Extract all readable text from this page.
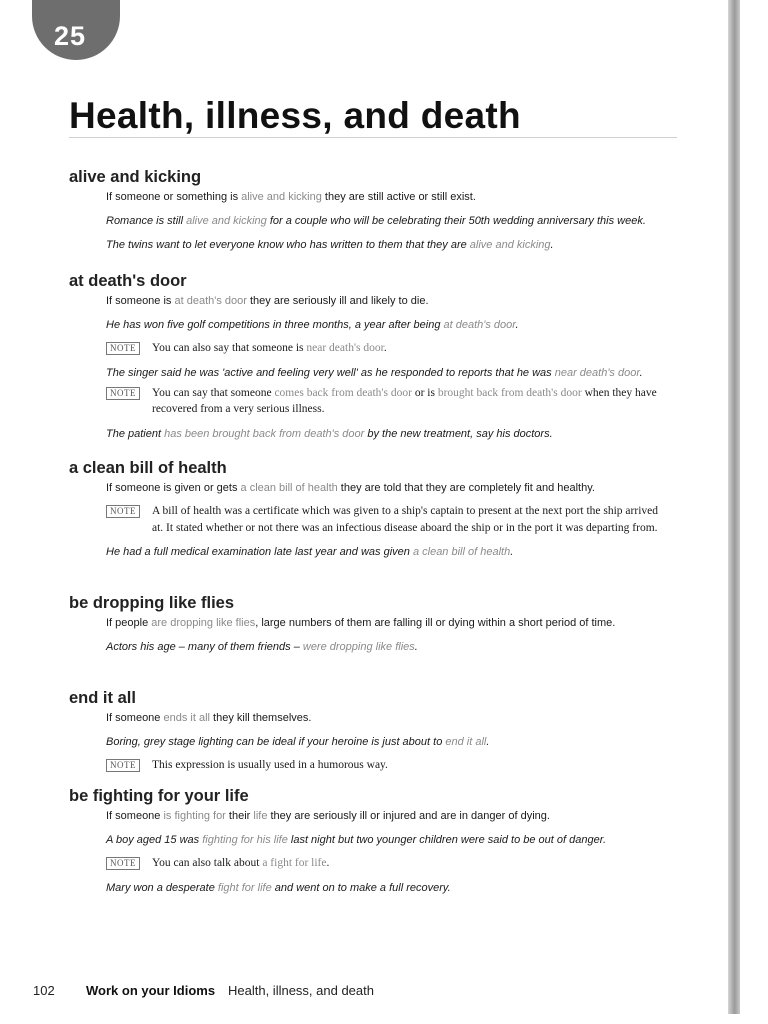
25
Health, illness, and death
alive and kicking

If someone or something is alive and kicking they are still active or still exist.

Romance is still alive and kicking for a couple who will be celebrating their 50th wedding anniversary this week.

The twins want to let everyone know who has written to them that they are alive and kicking.

at death's door

If someone is at death's door they are seriously ill and likely to die.

He has won five golf competitions in three months, a year after being at death's door.

NOTE	You can also say that someone is near death's door.

The singer said he was 'active and feeling very well' as he responded to reports that he was near death's door.

NOTE	You can say that someone comes back from death's door or is brought back from death's door when they have recovered from a very serious illness.

The patient has been brought back from death's door by the new treatment, say his doctors.

a clean bill of health

If someone is given or gets a clean bill of health they are told that they are completely fit and healthy.

NOTE	A bill of health was a certificate which was given to a ship's captain to present at the next port the ship arrived at. It stated whether or not there was an infectious disease aboard the ship or in the port it was departing from.

He had a full medical examination late last year and was given a clean bill of health.

be dropping like flies

If people are dropping like flies, large numbers of them are falling ill or dying within a short period of time.

Actors his age – many of them friends – were dropping like flies.

end it all

If someone ends it all they kill themselves.

Boring, grey stage lighting can be ideal if your heroine is just about to end it all.

NOTE	This expression is usually used in a humorous way.
be fighting for your life

If someone is fighting for their life they are seriously ill or injured and are in danger of dying.

A boy aged 15 was fighting for his life last night but two younger children were said to be out of danger.

NOTE	You can also talk about a fight for life.

Mary won a desperate fight for life and went on to make a full recovery.

102 Work on your Idioms Health, illness, and death
